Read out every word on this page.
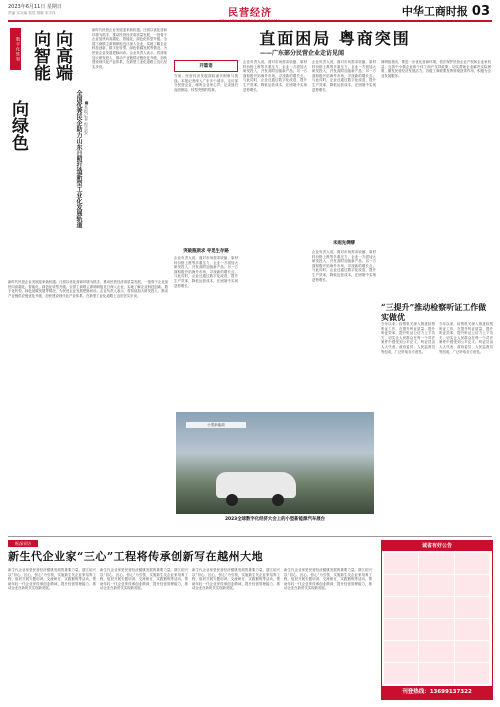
2023年6月11日 星期日
责编 实习编 视觉 排版 宋字体	民营经济	中华工商时报 03
数字化转型 向高端
向智能
向绿色	全国优秀民企助力山东日照打造新型工业化发展轨道 ■本报记者 程志安
新时代民营企业发展迎来新机遇。日照以优化营商环境为抓手，推动民营经济高质量发展，一批骨干企业加快向高端化、智能化、绿色化转型升级。全国工商联主席调研组近日深入企业，实地了解企业科技创新、数字化转型、绿色低碳发展等情况，为民营企业发展把脉问诊。企业负责人表示，将持续加大研发投入，推动产业链供应链优化升级，加快建设现代化产业体系，在新型工业化道路上迈出坚实步伐。
新时代民营企业发展迎来新机遇。日照以优化营商环境为抓手，推动民营经济高质量发展，一批骨干企业加快向高端化、智能化、绿色化转型升级。全国工商联主席调研组近日深入企业，实地了解企业科技创新、数字化转型、绿色低碳发展等情况，为民营企业发展把脉问诊。企业负责人表示，将持续加大研发投入，推动产业链供应链优化升级，加快建设现代化产业体系，在新型工业化道路上迈出坚实步伐。
直面困局 粤商突围
——广东部分民营企业走访见闻
开篇语
当前，民营经济发展面临诸多困难与挑战。本报记者深入广东多个城市，走访部分民营企业，倾听企业家心声，记录他们直面困局、转型突围的故事。
突破瓶颈求 寻觅生存路
企业负责人说，面对市场需求收缩、原材料价格上涨等多重压力，企业一方面加大研发投入，开发高附加值新产品；另一方面积极开拓海外市场，寻找新的增长点。与此同时，企业还通过数字化改造，提升生产效率，降低运营成本，在困境中实现逆势增长。
企业负责人说，面对市场需求收缩、原材料价格上涨等多重压力，企业一方面加大研发投入，开发高附加值新产品；另一方面积极开拓海外市场，寻找新的增长点。与此同时，企业还通过数字化改造，提升生产效率，降低运营成本，在困境中实现逆势增长。
企业负责人说，面对市场需求收缩、原材料价格上涨等多重压力，企业一方面加大研发投入，开发高附加值新产品；另一方面积极开拓海外市场，寻找新的增长点。与此同时，企业还通过数字化改造，提升生产效率，降低运营成本，在困境中实现逆势增长。
未雨先绸缪
企业负责人说，面对市场需求收缩、原材料价格上涨等多重压力，企业一方面加大研发投入，开发高附加值新产品；另一方面积极开拓海外市场，寻找新的增长点。与此同时，企业还通过数字化改造，提升生产效率，降低运营成本，在困境中实现逆势增长。
小型新能源
2023全球数字化经济大会上的小型新能源汽车展台
调研组指出，要进一步优化营商环境，依法保护民营企业产权和企业家权益，完善中小微企业和个体工商户支持政策，切实帮助企业解决实际困难，激发民营经济发展活力。各级工商联要发挥桥梁纽带作用，积极为企业发展服务。
“三提升”推动检察听证工作做实做优
今年以来，检察机关深入推进检察听证工作，在提升听证质量、提升听证效率、提升听证公信力上下功夫，切实让人民群众在每一个司法案件中感受到公平正义。听证员由人大代表、政协委员、人民监督员等组成，广泛听取各方意见。
今年以来，检察机关深入推进检察听证工作，在提升听证质量、提升听证效率、提升听证公信力上下功夫，切实让人民群众在每一个司法案件中感受到公平正义。听证员由人大代表、政协委员、人民监督员等组成，广泛听取各方意见。
纵深采访
新生代企业家“三心”工程将传承创新写在越州大地
新生代企业家是民营经济健康发展的重要力量。浙江绍兴以“初心、匠心、恒心”为引领，实施新生代企业家培育工程，组织开展专题培训、交流研讨、实践锻炼等活动，帮助年轻一代企业家传承创业精神，提升经营管理能力，推动企业在新时代实现新发展。
新生代企业家是民营经济健康发展的重要力量。浙江绍兴以“初心、匠心、恒心”为引领，实施新生代企业家培育工程，组织开展专题培训、交流研讨、实践锻炼等活动，帮助年轻一代企业家传承创业精神，提升经营管理能力，推动企业在新时代实现新发展。
新生代企业家是民营经济健康发展的重要力量。浙江绍兴以“初心、匠心、恒心”为引领，实施新生代企业家培育工程，组织开展专题培训、交流研讨、实践锻炼等活动，帮助年轻一代企业家传承创业精神，提升经营管理能力，推动企业在新时代实现新发展。
新生代企业家是民营经济健康发展的重要力量。浙江绍兴以“初心、匠心、恒心”为引领，实施新生代企业家培育工程，组织开展专题培训、交流研讨、实践锻炼等活动，帮助年轻一代企业家传承创业精神，提升经营管理能力，推动企业在新时代实现新发展。
诚省有好公告
刊登热线：13699137322
